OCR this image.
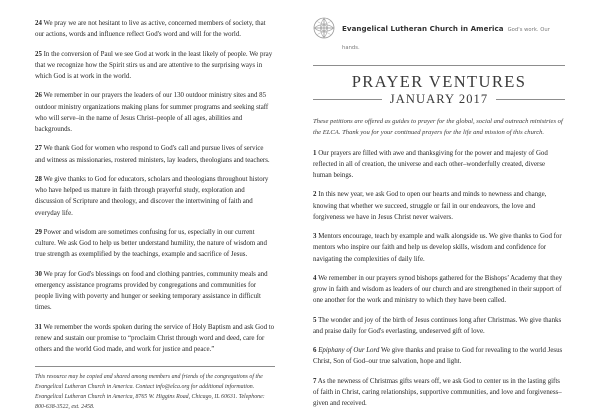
24 We pray we are not hesitant to live as active, concerned members of society, that our actions, words and influence reflect God's word and will for the world.
25 In the conversion of Paul we see God at work in the least likely of people. We pray that we recognize how the Spirit stirs us and are attentive to the surprising ways in which God is at work in the world.
26 We remember in our prayers the leaders of our 130 outdoor ministry sites and 85 outdoor ministry organizations making plans for summer programs and seeking staff who will serve–in the name of Jesus Christ–people of all ages, abilities and backgrounds.
27 We thank God for women who respond to God's call and pursue lives of service and witness as missionaries, rostered ministers, lay leaders, theologians and teachers.
28 We give thanks to God for educators, scholars and theologians throughout history who have helped us mature in faith through prayerful study, exploration and discussion of Scripture and theology, and discover the intertwining of faith and everyday life.
29 Power and wisdom are sometimes confusing for us, especially in our current culture. We ask God to help us better understand humility, the nature of wisdom and true strength as exemplified by the teachings, example and sacrifice of Jesus.
30 We pray for God's blessings on food and clothing pantries, community meals and emergency assistance programs provided by congregations and communities for people living with poverty and hunger or seeking temporary assistance in difficult times.
31 We remember the words spoken during the service of Holy Baptism and ask God to renew and sustain our promise to “proclaim Christ through word and deed, care for others and the world God made, and work for justice and peace.”
This resource may be copied and shared among members and friends of the congregations of the Evangelical Lutheran Church in America. Contact info@elca.org for additional information. Evangelical Lutheran Church in America, 8765 W. Higgins Road, Chicago, IL 60631. Telephone: 800-638-3522, ext. 2458.
Evangelical Lutheran Church in America God's work. Our hands.
PRAYER VENTURES
JANUARY 2017
These petitions are offered as guides to prayer for the global, social and outreach ministries of the ELCA. Thank you for your continued prayers for the life and mission of this church.
1 Our prayers are filled with awe and thanksgiving for the power and majesty of God reflected in all of creation, the universe and each other–wonderfully created, diverse human beings.
2 In this new year, we ask God to open our hearts and minds to newness and change, knowing that whether we succeed, struggle or fail in our endeavors, the love and forgiveness we have in Jesus Christ never waivers.
3 Mentors encourage, teach by example and walk alongside us. We give thanks to God for mentors who inspire our faith and help us develop skills, wisdom and confidence for navigating the complexities of daily life.
4 We remember in our prayers synod bishops gathered for the Bishops’ Academy that they grow in faith and wisdom as leaders of our church and are strengthened in their support of one another for the work and ministry to which they have been called.
5 The wonder and joy of the birth of Jesus continues long after Christmas. We give thanks and praise daily for God's everlasting, undeserved gift of love.
6 Epiphany of Our Lord We give thanks and praise to God for revealing to the world Jesus Christ, Son of God–our true salvation, hope and light.
7 As the newness of Christmas gifts wears off, we ask God to center us in the lasting gifts of faith in Christ, caring relationships, supportive communities, and love and forgiveness–given and received.
